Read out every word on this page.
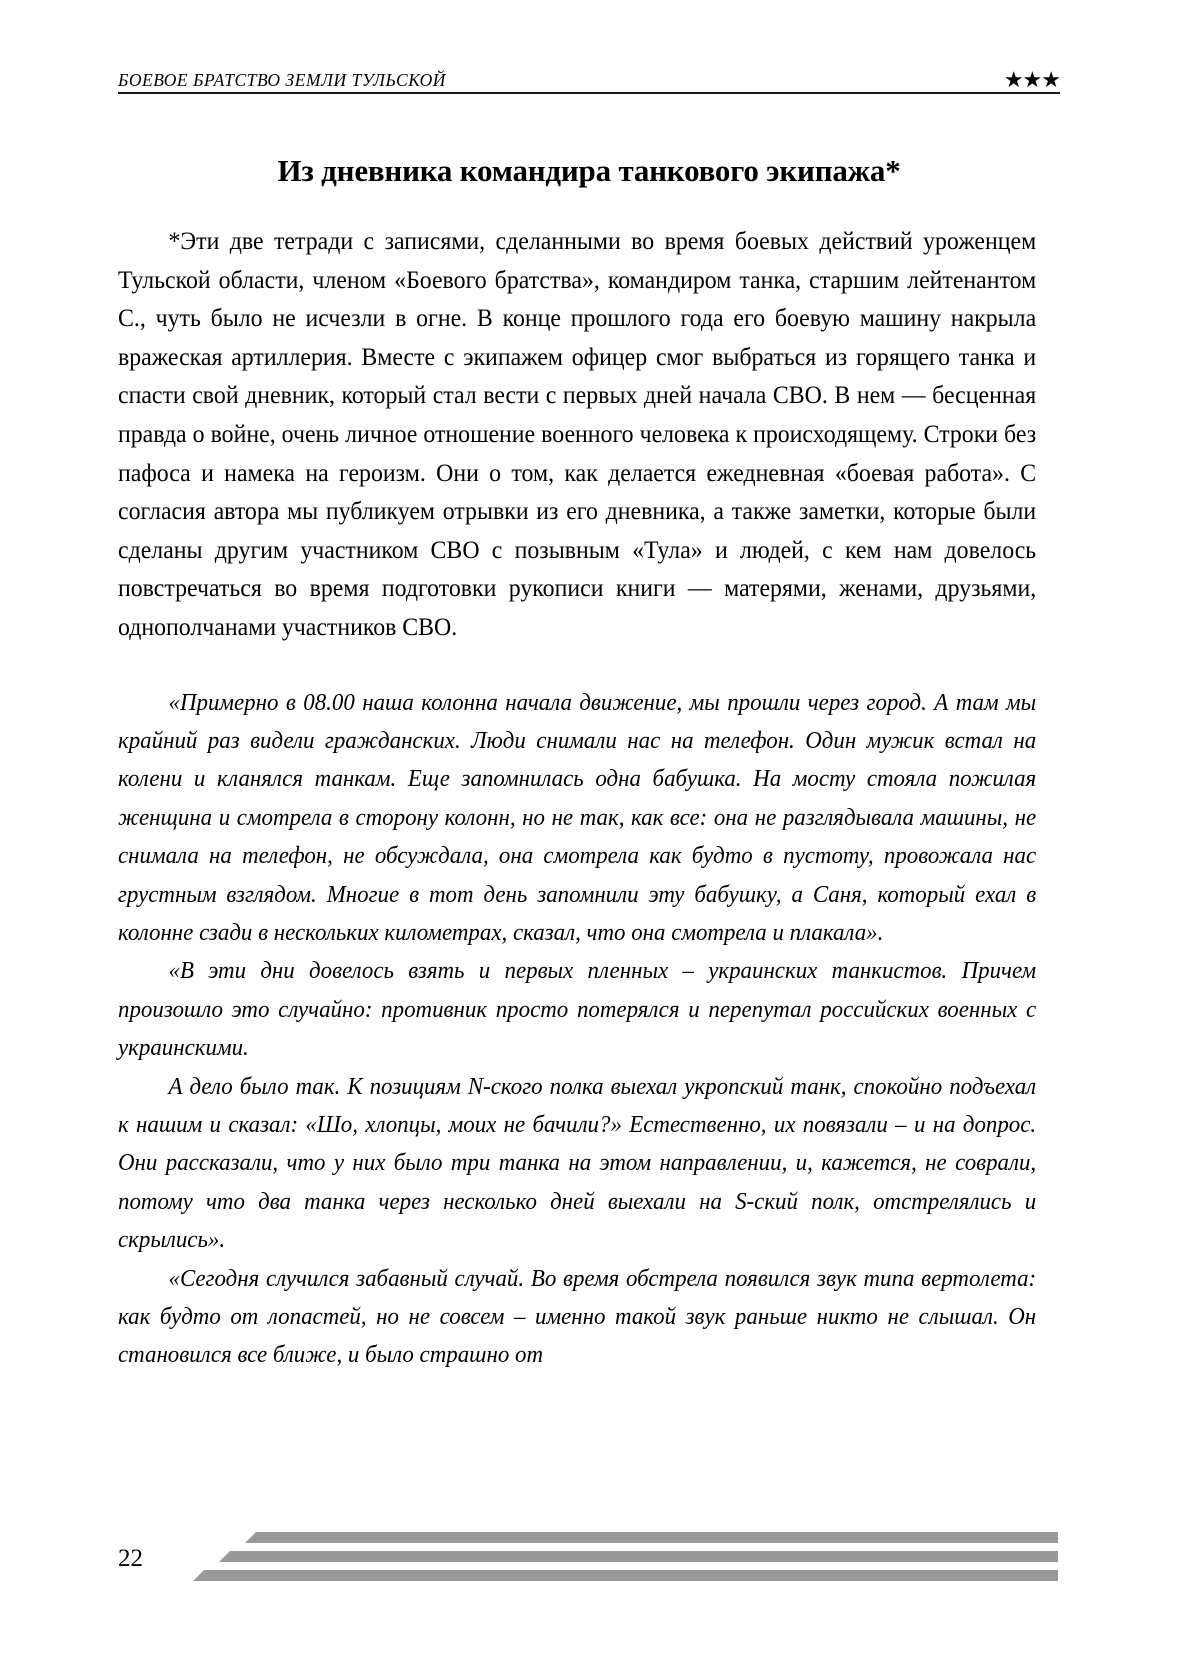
БОЕВОЕ БРАТСТВО ЗЕМЛИ ТУЛЬСКОЙ	★★★
Из дневника командира танкового экипажа*

*Эти две тетради с записями, сделанными во время боевых действий уроженцем Тульской области, членом «Боевого братства», командиром танка, старшим лейтенантом С., чуть было не исчезли в огне. В конце прошлого года его боевую машину накрыла вражеская артиллерия. Вместе с экипажем офицер смог выбраться из горящего танка и спасти свой дневник, который стал вести с первых дней начала СВО. В нем — бесценная правда о войне, очень личное отношение военного человека к происходящему. Строки без пафоса и намека на героизм. Они о том, как делается ежедневная «боевая работа». С согласия автора мы публикуем отрывки из его дневника, а также заметки, которые были сделаны другим участником СВО с позывным «Тула» и людей, с кем нам довелось повстречаться во время подготовки рукописи книги — матерями, женами, друзьями, однополчанами участников СВО.

«Примерно в 08.00 наша колонна начала движение, мы прошли через город. А там мы крайний раз видели гражданских. Люди снимали нас на телефон. Один мужик встал на колени и кланялся танкам. Еще запомнилась одна бабушка. На мосту стояла пожилая женщина и смотрела в сторону колонн, но не так, как все: она не разглядывала машины, не снимала на телефон, не обсуждала, она смотрела как будто в пустоту, провожала нас грустным взглядом. Многие в тот день запомнили эту бабушку, а Саня, который ехал в колонне сзади в нескольких километрах, сказал, что она смотрела и плакала».

«В эти дни довелось взять и первых пленных – украинских танкистов. Причем произошло это случайно: противник просто потерялся и перепутал российских военных с украинскими.

А дело было так. К позициям N-ского полка выехал укропский танк, спокойно подъехал к нашим и сказал: «Шо, хлопцы, моих не бачили?» Естественно, их повязали – и на допрос. Они рассказали, что у них было три танка на этом направлении, и, кажется, не соврали, потому что два танка через несколько дней выехали на S-ский полк, отстрелялись и скрылись».

«Сегодня случился забавный случай. Во время обстрела появился звук типа вертолета: как будто от лопастей, но не совсем – именно такой звук раньше никто не слышал. Он становился все ближе, и было страшно от

22
